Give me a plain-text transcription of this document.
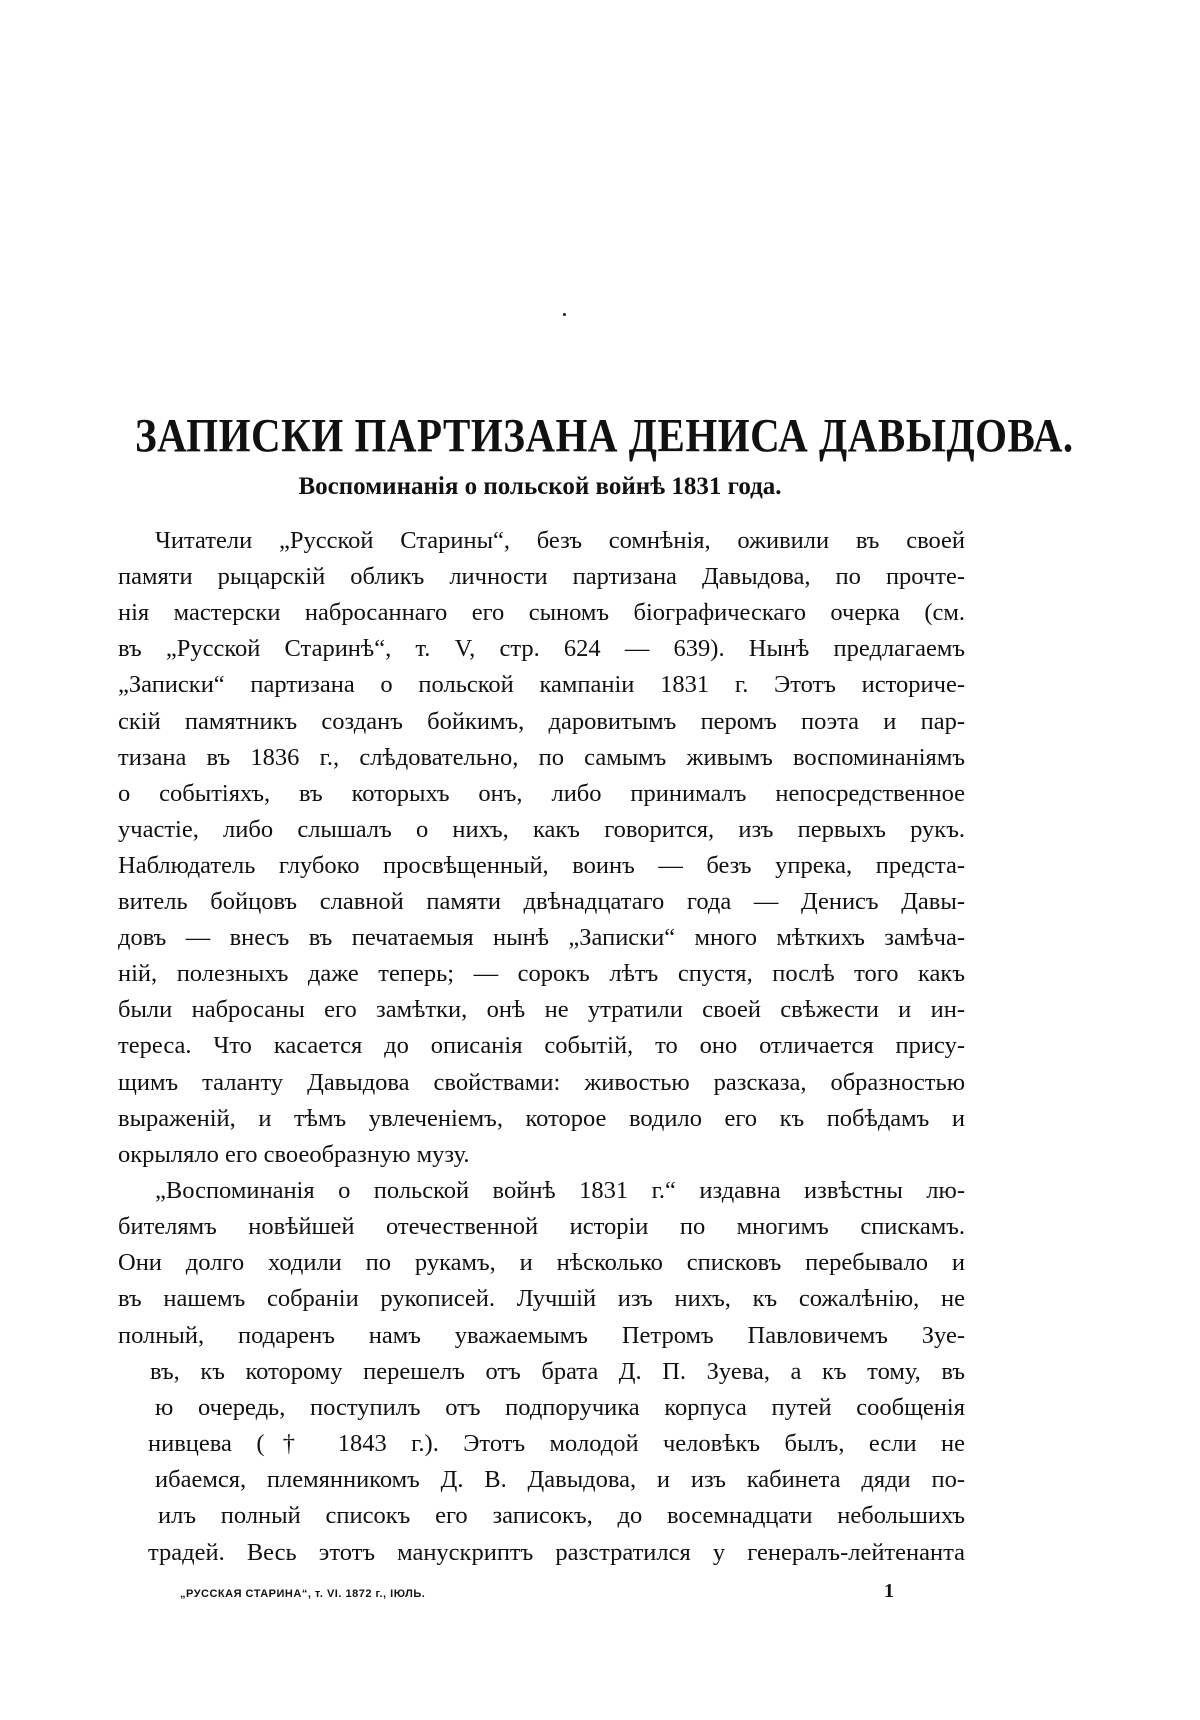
ЗАПИСКИ ПАРТИЗАНА ДЕНИСА ДАВЫДОВА.
Воспоминанія о польской войнѣ 1831 года.
Читатели „Русской Старины“, безъ сомнѣнія, оживили въ своей
памяти рыцарскій обликъ личности партизана Давыдова, по прочте-
нія мастерски набросаннаго его сыномъ біографическаго очерка (см.
въ „Русской Старинѣ“, т. V, стр. 624 — 639). Нынѣ предлагаемъ
„Записки“ партизана о польской кампаніи 1831 г. Этотъ историче-
скій памятникъ созданъ бойкимъ, даровитымъ перомъ поэта и пар-
тизана въ 1836 г., слѣдовательно, по самымъ живымъ воспоминаніямъ
о событіяхъ, въ которыхъ онъ, либо принималъ непосредственное
участіе, либо слышалъ о нихъ, какъ говорится, изъ первыхъ рукъ.
Наблюдатель глубоко просвѣщенный, воинъ — безъ упрека, предста-
витель бойцовъ славной памяти двѣнадцатаго года — Денисъ Давы-
довъ — внесъ въ печатаемыя нынѣ „Записки“ много мѣткихъ замѣча-
ній, полезныхъ даже теперь; — сорокъ лѣтъ спустя, послѣ того какъ
были набросаны его замѣтки, онѣ не утратили своей свѣжести и ин-
тереса. Что касается до описанія событій, то оно отличается прису-
щимъ таланту Давыдова свойствами: живостью разсказа, образностью
выраженій, и тѣмъ увлеченіемъ, которое водило его къ побѣдамъ и
окрыляло его своеобразную музу.
„Воспоминанія о польской войнѣ 1831 г.“ издавна извѣстны лю-
бителямъ новѣйшей отечественной исторіи по многимъ спискамъ.
Они долго ходили по рукамъ, и нѣсколько списковъ перебывало и
въ нашемъ собраніи рукописей. Лучшій изъ нихъ, къ сожалѣнію, не
полный, подаренъ намъ уважаемымъ Петромъ Павловичемъ Зуе-
въ, къ которому перешелъ отъ брата Д. П. Зуева, а къ тому, въ
ю очередь, поступилъ отъ подпоручика корпуса путей сообщенія
нивцева († 1843 г.). Этотъ молодой человѣкъ былъ, если не
ибаемся, племянникомъ Д. В. Давыдова, и изъ кабинета дяди по-
илъ полный списокъ его записокъ, до восемнадцати небольшихъ
традей. Весь этотъ манускриптъ разстратился у генералъ-лейтенанта
„РУССКАЯ СТАРИНА“, т. VI. 1872 г., ІЮЛЬ.	1
